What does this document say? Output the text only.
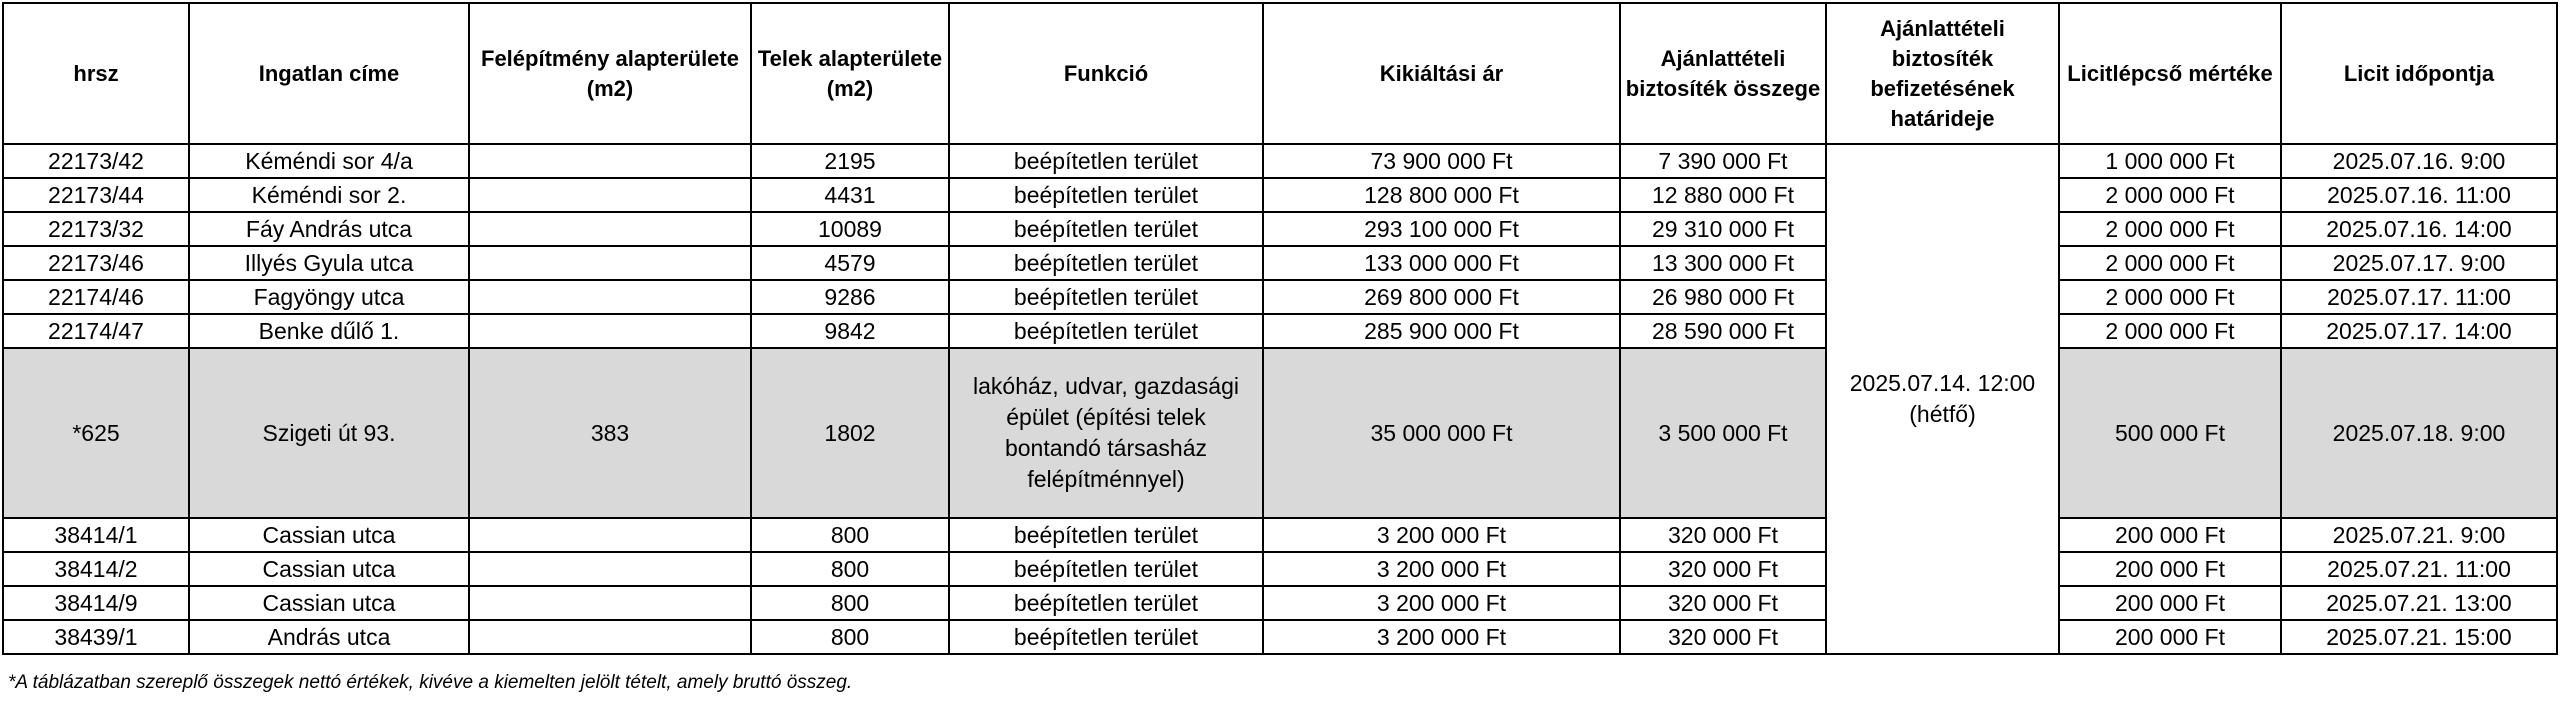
hrsz	Ingatlan címe	Felépítmény alapterülete (m2)	Telek alapterülete (m2)	Funkció	Kikiáltási ár	Ajánlattételi biztosíték összege	Ajánlattételi biztosíték befizetésének határideje	Licitlépcső mértéke	Licit időpontja
22173/42	Kéméndi sor 4/a		2195	beépítetlen terület	73 900 000 Ft	7 390 000 Ft	2025.07.14. 12:00 (hétfő)	1 000 000 Ft	2025.07.16. 9:00
22173/44	Kéméndi sor 2.		4431	beépítetlen terület	128 800 000 Ft	12 880 000 Ft		2 000 000 Ft	2025.07.16. 11:00
22173/32	Fáy András utca		10089	beépítetlen terület	293 100 000 Ft	29 310 000 Ft		2 000 000 Ft	2025.07.16. 14:00
22173/46	Illyés Gyula utca		4579	beépítetlen terület	133 000 000 Ft	13 300 000 Ft		2 000 000 Ft	2025.07.17. 9:00
22174/46	Fagyöngy utca		9286	beépítetlen terület	269 800 000 Ft	26 980 000 Ft		2 000 000 Ft	2025.07.17. 11:00
22174/47	Benke dűlő 1.		9842	beépítetlen terület	285 900 000 Ft	28 590 000 Ft		2 000 000 Ft	2025.07.17. 14:00
*625	Szigeti út 93.	383	1802	lakóház, udvar, gazdasági épület (építési telek bontandó társasház felépítménnyel)	35 000 000 Ft	3 500 000 Ft		500 000 Ft	2025.07.18. 9:00
38414/1	Cassian utca		800	beépítetlen terület	3 200 000 Ft	320 000 Ft		200 000 Ft	2025.07.21. 9:00
38414/2	Cassian utca		800	beépítetlen terület	3 200 000 Ft	320 000 Ft		200 000 Ft	2025.07.21. 11:00
38414/9	Cassian utca		800	beépítetlen terület	3 200 000 Ft	320 000 Ft		200 000 Ft	2025.07.21. 13:00
38439/1	András utca		800	beépítetlen terület	3 200 000 Ft	320 000 Ft		200 000 Ft	2025.07.21. 15:00
*A táblázatban szereplő összegek nettó értékek, kivéve a kiemelten jelölt tételt, amely bruttó összeg.
